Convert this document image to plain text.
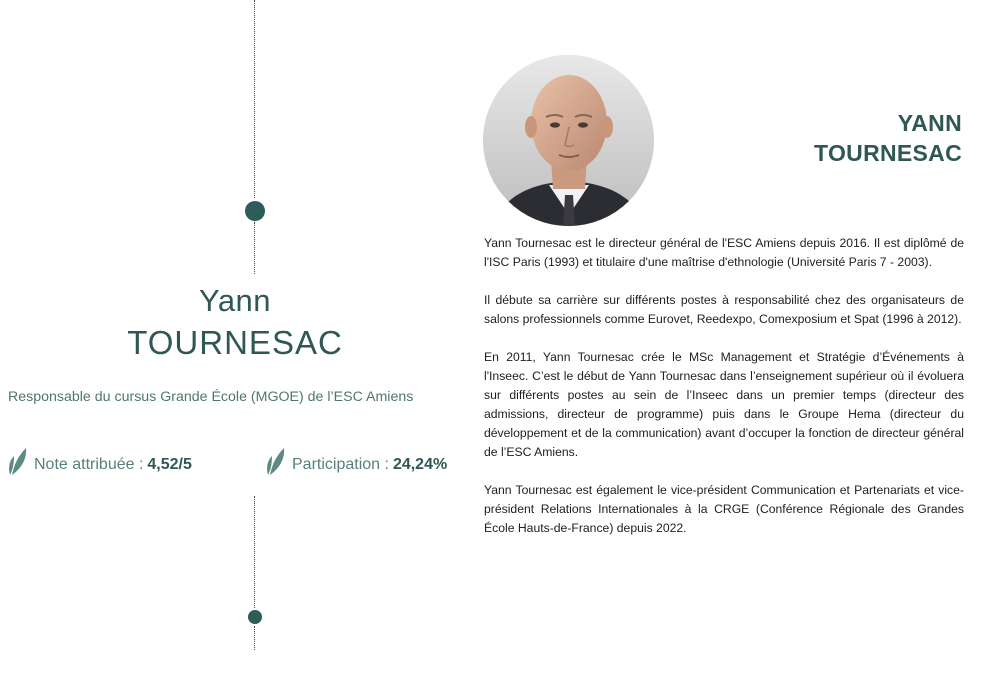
Yann
TOURNESAC
Responsable du cursus Grande École (MGOE) de l’ESC Amiens
Note attribuée : 4,52/5	Participation : 24,24%
YANN
TOURNESAC

Yann Tournesac est le directeur général de l'ESC Amiens depuis 2016. Il est diplômé de l'ISC Paris (1993) et titulaire d'une maîtrise d'ethnologie (Université Paris 7 - 2003).

Il débute sa carrière sur différents postes à responsabilité chez des organisateurs de salons professionnels comme Eurovet, Reedexpo, Comexposium et Spat (1996 à 2012).

En 2011, Yann Tournesac crée le MSc Management et Stratégie d’Événements à l'Inseec. C’est le début de Yann Tournesac dans l’enseignement supérieur où il évoluera sur différents postes au sein de l’Inseec dans un premier temps (directeur des admissions, directeur de programme) puis dans le Groupe Hema (directeur du développement et de la communication) avant d’occuper la fonction de directeur général de l’ESC Amiens.

Yann Tournesac est également le vice-président Communication et Partenariats et vice-président Relations Internationales à la CRGE (Conférence Régionale des Grandes École Hauts-de-France) depuis 2022.
